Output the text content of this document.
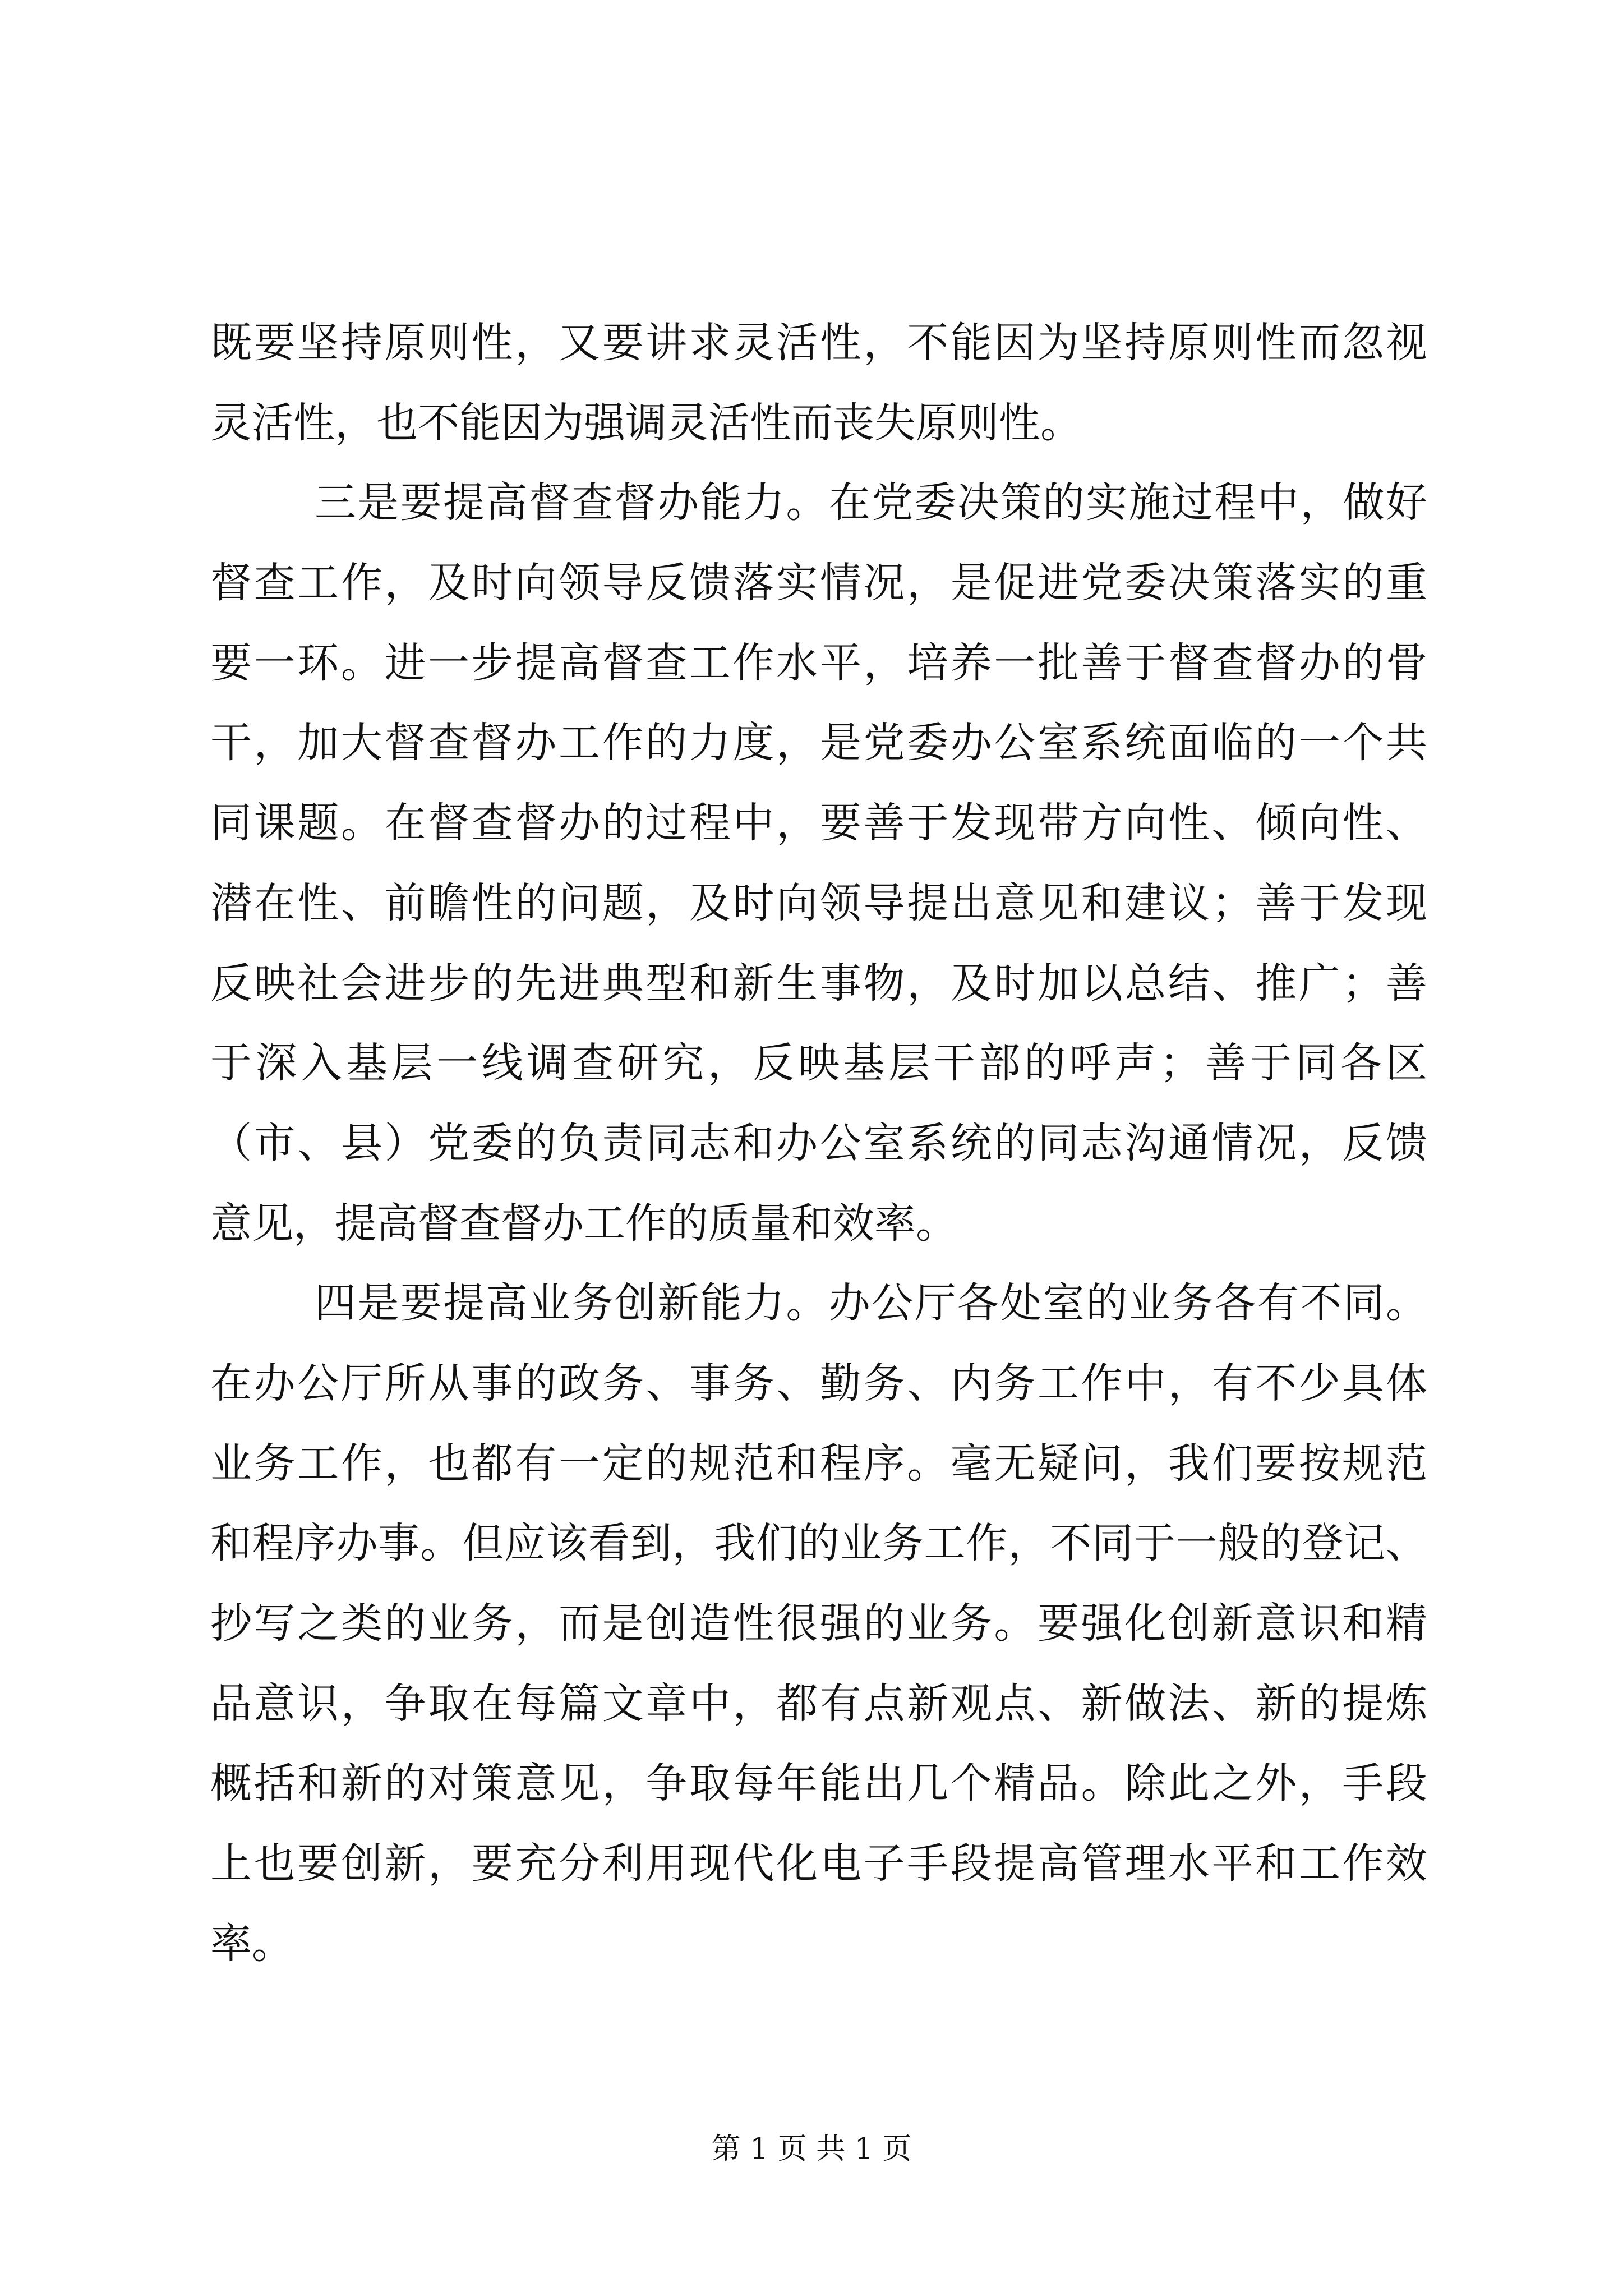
既要坚持原则性，又要讲求灵活性，不能因为坚持原则性而忽视
灵活性，也不能因为强调灵活性而丧失原则性。
三是要提高督查督办能力。在党委决策的实施过程中，做好
督查工作，及时向领导反馈落实情况，是促进党委决策落实的重
要一环。进一步提高督查工作水平，培养一批善于督查督办的骨
干，加大督查督办工作的力度，是党委办公室系统面临的一个共
同课题。在督查督办的过程中，要善于发现带方向性、倾向性、
潜在性、前瞻性的问题，及时向领导提出意见和建议；善于发现
反映社会进步的先进典型和新生事物，及时加以总结、推广；善
于深入基层一线调查研究，反映基层干部的呼声；善于同各区
（市、县）党委的负责同志和办公室系统的同志沟通情况，反馈
意见，提高督查督办工作的质量和效率。
四是要提高业务创新能力。办公厅各处室的业务各有不同。
在办公厅所从事的政务、事务、勤务、内务工作中，有不少具体
业务工作，也都有一定的规范和程序。毫无疑问，我们要按规范
和程序办事。但应该看到，我们的业务工作，不同于一般的登记、
抄写之类的业务，而是创造性很强的业务。要强化创新意识和精
品意识，争取在每篇文章中，都有点新观点、新做法、新的提炼
概括和新的对策意见，争取每年能出几个精品。除此之外，手段
上也要创新，要充分利用现代化电子手段提高管理水平和工作效
率。
第 1 页 共 1 页
